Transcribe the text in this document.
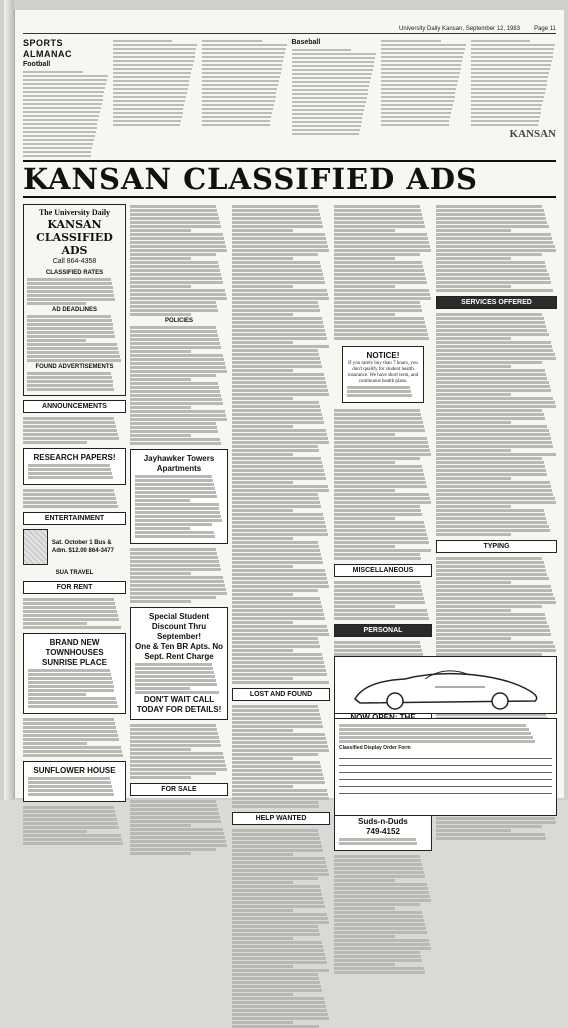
University Daily Kansan, September 12, 1983	Page 11
SPORTS ALMANAC
Football
Baseball
KANSAN
KANSAN CLASSIFIED ADS
The University Daily
KANSAN CLASSIFIED ADS
Call 864-4358
CLASSIFIED RATES
AD DEADLINES
FOUND ADVERTISEMENTS
ANNOUNCEMENTS
RESEARCH PAPERS!
ENTERTAINMENT
Sat. October 1 Bus & Adm. $12.00 864-3477
SUA TRAVEL
FOR RENT
BRAND NEW TOWNHOUSES
SUNRISE PLACE
SUNFLOWER HOUSE
POLICIES
Jayhawker Towers Apartments
Special Student Discount Thru September!
One & Ten BR Apts. No Sept. Rent Charge
DON'T WAIT CALL TODAY FOR DETAILS!
FOR SALE
LOST AND FOUND
HELP WANTED
NOTICE!
If you rarely buy than 7 hours, you don't qualify for student health insurance. We have short term, and continuous health plans.
MISCELLANEOUS
PERSONAL
Suds-n-Duds
749-4152
SERVICES OFFERED
TYPING
Classified Display Order Form
